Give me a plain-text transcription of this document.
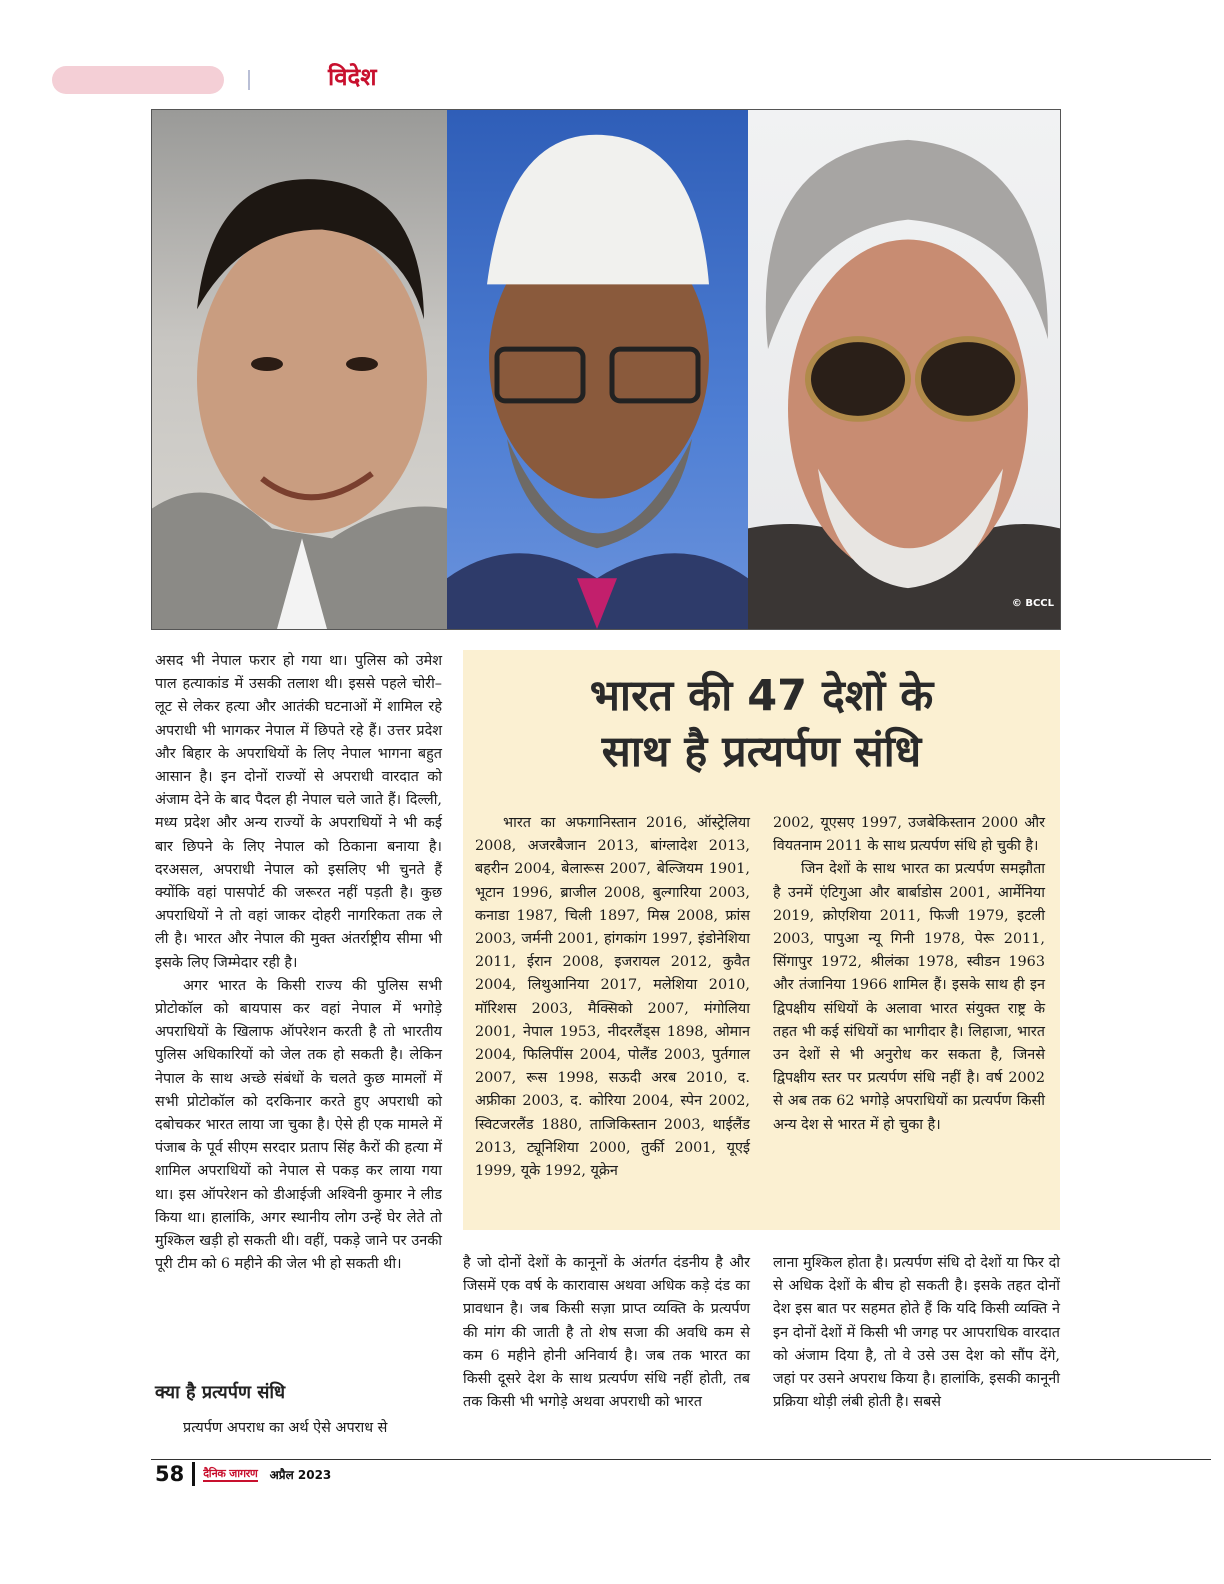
विदेश
© BCCL

असद भी नेपाल फरार हो गया था। पुलिस को उमेश पाल हत्याकांड में उसकी तलाश थी। इससे पहले चोरी–लूट से लेकर हत्या और आतंकी घटनाओं में शामिल रहे अपराधी भी भागकर नेपाल में छिपते रहे हैं। उत्तर प्रदेश और बिहार के अपराधियों के लिए नेपाल भागना बहुत आसान है। इन दोनों राज्यों से अपराधी वारदात को अंजाम देने के बाद पैदल ही नेपाल चले जाते हैं। दिल्ली, मध्य प्रदेश और अन्य राज्यों के अपराधियों ने भी कई बार छिपने के लिए नेपाल को ठिकाना बनाया है। दरअसल, अपराधी नेपाल को इसलिए भी चुनते हैं क्योंकि वहां पासपोर्ट की जरूरत नहीं पड़ती है। कुछ अपराधियों ने तो वहां जाकर दोहरी नागरिकता तक ले ली है। भारत और नेपाल की मुक्त अंतर्राष्ट्रीय सीमा भी इसके लिए जिम्मेदार रही है।

अगर भारत के किसी राज्य की पुलिस सभी प्रोटोकॉल को बायपास कर वहां नेपाल में भगोड़े अपराधियों के खिलाफ ऑपरेशन करती है तो भारतीय पुलिस अधिकारियों को जेल तक हो सकती है। लेकिन नेपाल के साथ अच्छे संबंधों के चलते कुछ मामलों में सभी प्रोटोकॉल को दरकिनार करते हुए अपराधी को दबोचकर भारत लाया जा चुका है। ऐसे ही एक मामले में पंजाब के पूर्व सीएम सरदार प्रताप सिंह कैरों की हत्या में शामिल अपराधियों को नेपाल से पकड़ कर लाया गया था। इस ऑपरेशन को डीआईजी अश्विनी कुमार ने लीड किया था। हालांकि, अगर स्थानीय लोग उन्हें घेर लेते तो मुश्किल खड़ी हो सकती थी। वहीं, पकड़े जाने पर उनकी पूरी टीम को 6 महीने की जेल भी हो सकती थी।

क्या है प्रत्यर्पण संधि
प्रत्यर्पण अपराध का अर्थ ऐसे अपराध से
भारत की 47 देशों के
साथ है प्रत्यर्पण संधि
भारत का अफगानिस्तान 2016, ऑस्ट्रेलिया 2008, अजरबैजान 2013, बांग्लादेश 2013, बहरीन 2004, बेलारूस 2007, बेल्जियम 1901, भूटान 1996, ब्राजील 2008, बुल्गारिया 2003, कनाडा 1987, चिली 1897, मिस्र 2008, फ्रांस 2003, जर्मनी 2001, हांगकांग 1997, इंडोनेशिया 2011, ईरान 2008, इजरायल 2012, कुवैत 2004, लिथुआनिया 2017, मलेशिया 2010, मॉरिशस 2003, मैक्सिको 2007, मंगोलिया 2001, नेपाल 1953, नीदरलैंड्स 1898, ओमान 2004, फिलिपींस 2004, पोलैंड 2003, पुर्तगाल 2007, रूस 1998, सऊदी अरब 2010, द. अफ्रीका 2003, द. कोरिया 2004, स्पेन 2002, स्विटजरलैंड 1880, ताजिकिस्तान 2003, थाईलैंड 2013, ट्यूनिशिया 2000, तुर्की 2001, यूएई 1999, यूके 1992, यूक्रेन

2002, यूएसए 1997, उजबेकिस्तान 2000 और वियतनाम 2011 के साथ प्रत्यर्पण संधि हो चुकी है।

जिन देशों के साथ भारत का प्रत्यर्पण समझौता है उनमें एंटिगुआ और बार्बाडोस 2001, आर्मेनिया 2019, क्रोएशिया 2011, फिजी 1979, इटली 2003, पापुआ न्यू गिनी 1978, पेरू 2011, सिंगापुर 1972, श्रीलंका 1978, स्वीडन 1963 और तंजानिया 1966 शामिल हैं। इसके साथ ही इन द्विपक्षीय संधियों के अलावा भारत संयुक्त राष्ट्र के तहत भी कई संधियों का भागीदार है। लिहाजा, भारत उन देशों से भी अनुरोध कर सकता है, जिनसे द्विपक्षीय स्तर पर प्रत्यर्पण संधि नहीं है। वर्ष 2002 से अब तक 62 भगोड़े अपराधियों का प्रत्यर्पण किसी अन्य देश से भारत में हो चुका है।

है जो दोनों देशों के कानूनों के अंतर्गत दंडनीय है और जिसमें एक वर्ष के कारावास अथवा अधिक कड़े दंड का प्रावधान है। जब किसी सज़ा प्राप्त व्यक्ति के प्रत्यर्पण की मांग की जाती है तो शेष सजा की अवधि कम से कम 6 महीने होनी अनिवार्य है। जब तक भारत का किसी दूसरे देश के साथ प्रत्यर्पण संधि नहीं होती, तब तक किसी भी भगोड़े अथवा अपराधी को भारत
लाना मुश्किल होता है। प्रत्यर्पण संधि दो देशों या फिर दो से अधिक देशों के बीच हो सकती है। इसके तहत दोनों देश इस बात पर सहमत होते हैं कि यदि किसी व्यक्ति ने इन दोनों देशों में किसी भी जगह पर आपराधिक वारदात को अंजाम दिया है, तो वे उसे उस देश को सौंप देंगे, जहां पर उसने अपराध किया है। हालांकि, इसकी कानूनी प्रक्रिया थोड़ी लंबी होती है। सबसे
58 दैनिक जागरण अप्रैल 2023
